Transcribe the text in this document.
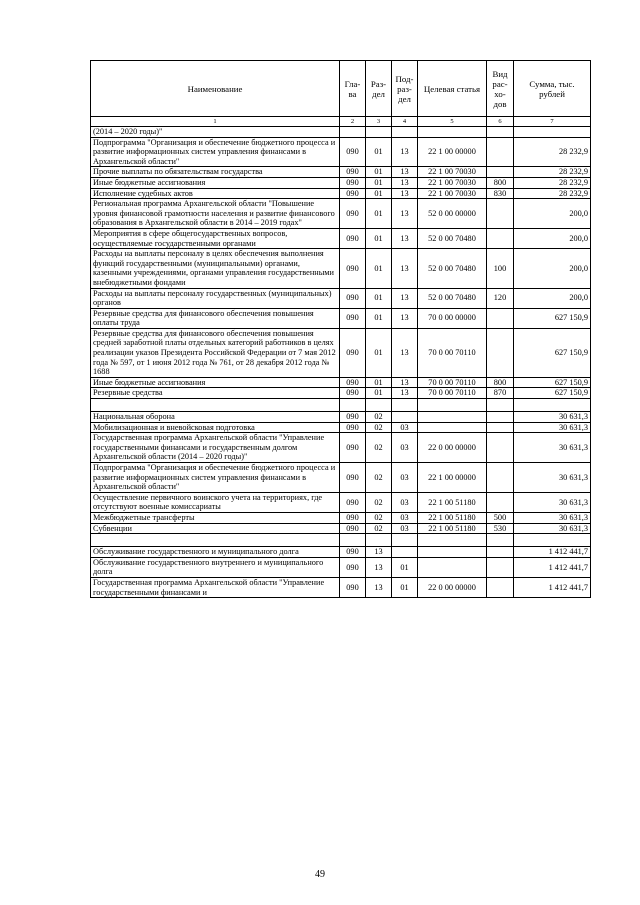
Наименование	Гла-ва	Раз-дел	Под-раз-дел	Целевая статья	Вид рас-хо-дов	Сумма, тыс. рублей
1	2	3	4	5	6	7
(2014 – 2020 годы)"						
Подпрограмма "Организация и обеспечение бюджетного процесса и развитие информационных систем управления финансами в Архангельской области"	090	01	13	22 1 00 00000		28 232,9
Прочие выплаты по обязательствам государства	090	01	13	22 1 00 70030		28 232,9
Иные бюджетные ассигнования	090	01	13	22 1 00 70030	800	28 232,9
Исполнение судебных актов	090	01	13	22 1 00 70030	830	28 232,9
Региональная программа Архангельской области "Повышение уровня финансовой грамотности населения и развитие финансового образования в Архангельской области в 2014 – 2019 годах"	090	01	13	52 0 00 00000		200,0
Мероприятия в сфере общегосударственных вопросов, осуществляемые государственными органами	090	01	13	52 0 00 70480		200,0
Расходы на выплаты персоналу в целях обеспечения выполнения функций государственными (муниципальными) органами, казенными учреждениями, органами управления государственными внебюджетными фондами	090	01	13	52 0 00 70480	100	200,0
Расходы на выплаты персоналу государственных (муниципальных) органов	090	01	13	52 0 00 70480	120	200,0
Резервные средства для финансового обеспечения повышения оплаты труда	090	01	13	70 0 00 00000		627 150,9
Резервные средства для финансового обеспечения повышения средней заработной платы отдельных категорий работников в целях реализации указов Президента Российской Федерации от 7 мая 2012 года № 597, от 1 июня 2012 года № 761, от 28 декабря 2012 года № 1688	090	01	13	70 0 00 70110		627 150,9
Иные бюджетные ассигнования	090	01	13	70 0 00 70110	800	627 150,9
Резервные средства	090	01	13	70 0 00 70110	870	627 150,9

Национальная оборона	090	02				30 631,3
Мобилизационная и вневойсковая подготовка	090	02	03			30 631,3
Государственная программа Архангельской области "Управление государственными финансами и государственным долгом Архангельской области (2014 – 2020 годы)"	090	02	03	22 0 00 00000		30 631,3
Подпрограмма "Организация и обеспечение бюджетного процесса и развитие информационных систем управления финансами в Архангельской области"	090	02	03	22 1 00 00000		30 631,3
Осуществление первичного воинского учета на территориях, где отсутствуют военные комиссариаты	090	02	03	22 1 00 51180		30 631,3
Межбюджетные трансферты	090	02	03	22 1 00 51180	500	30 631,3
Субвенции	090	02	03	22 1 00 51180	530	30 631,3

Обслуживание государственного и муниципального долга	090	13				1 412 441,7
Обслуживание государственного внутреннего и муниципального долга	090	13	01			1 412 441,7
Государственная программа Архангельской области "Управление государственными финансами и	090	13	01	22 0 00 00000		1 412 441,7
49
